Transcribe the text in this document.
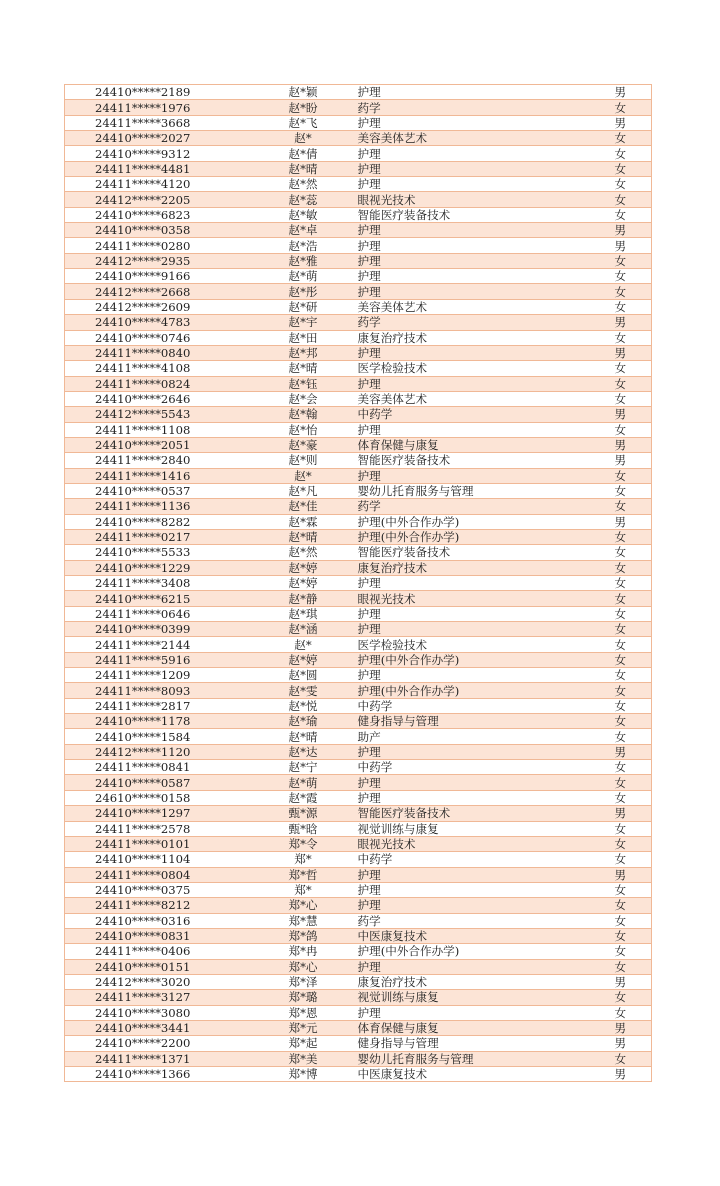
24410*****2189	赵*颖	护理	男
24411*****1976	赵*盼	药学	女
24411*****3668	赵*飞	护理	男
24410*****2027	赵*	美容美体艺术	女
24410*****9312	赵*倩	护理	女
24411*****4481	赵*晴	护理	女
24411*****4120	赵*然	护理	女
24412*****2205	赵*蕊	眼视光技术	女
24410*****6823	赵*敏	智能医疗装备技术	女
24410*****0358	赵*卓	护理	男
24411*****0280	赵*浩	护理	男
24412*****2935	赵*雅	护理	女
24410*****9166	赵*萌	护理	女
24412*****2668	赵*彤	护理	女
24412*****2609	赵*研	美容美体艺术	女
24410*****4783	赵*宇	药学	男
24410*****0746	赵*田	康复治疗技术	女
24411*****0840	赵*邦	护理	男
24411*****4108	赵*晴	医学检验技术	女
24411*****0824	赵*钰	护理	女
24410*****2646	赵*会	美容美体艺术	女
24412*****5543	赵*翰	中药学	男
24411*****1108	赵*怡	护理	女
24410*****2051	赵*豪	体育保健与康复	男
24411*****2840	赵*则	智能医疗装备技术	男
24411*****1416	赵*	护理	女
24410*****0537	赵*凡	婴幼儿托育服务与管理	女
24411*****1136	赵*佳	药学	女
24410*****8282	赵*霖	护理(中外合作办学)	男
24411*****0217	赵*晴	护理(中外合作办学)	女
24410*****5533	赵*然	智能医疗装备技术	女
24410*****1229	赵*婷	康复治疗技术	女
24411*****3408	赵*婷	护理	女
24410*****6215	赵*静	眼视光技术	女
24411*****0646	赵*琪	护理	女
24410*****0399	赵*涵	护理	女
24411*****2144	赵*	医学检验技术	女
24411*****5916	赵*婷	护理(中外合作办学)	女
24411*****1209	赵*圆	护理	女
24411*****8093	赵*雯	护理(中外合作办学)	女
24411*****2817	赵*悦	中药学	女
24410*****1178	赵*瑜	健身指导与管理	女
24410*****1584	赵*晴	助产	女
24412*****1120	赵*达	护理	男
24411*****0841	赵*宁	中药学	女
24410*****0587	赵*萌	护理	女
24610*****0158	赵*霞	护理	女
24410*****1297	甄*源	智能医疗装备技术	男
24411*****2578	甄*晗	视觉训练与康复	女
24411*****0101	郑*令	眼视光技术	女
24410*****1104	郑*	中药学	女
24411*****0804	郑*哲	护理	男
24410*****0375	郑*	护理	女
24411*****8212	郑*心	护理	女
24410*****0316	郑*慧	药学	女
24410*****0831	郑*鸽	中医康复技术	女
24411*****0406	郑*冉	护理(中外合作办学)	女
24410*****0151	郑*心	护理	女
24412*****3020	郑*泽	康复治疗技术	男
24411*****3127	郑*璐	视觉训练与康复	女
24410*****3080	郑*恩	护理	女
24410*****3441	郑*元	体育保健与康复	男
24410*****2200	郑*起	健身指导与管理	男
24411*****1371	郑*美	婴幼儿托育服务与管理	女
24410*****1366	郑*博	中医康复技术	男
